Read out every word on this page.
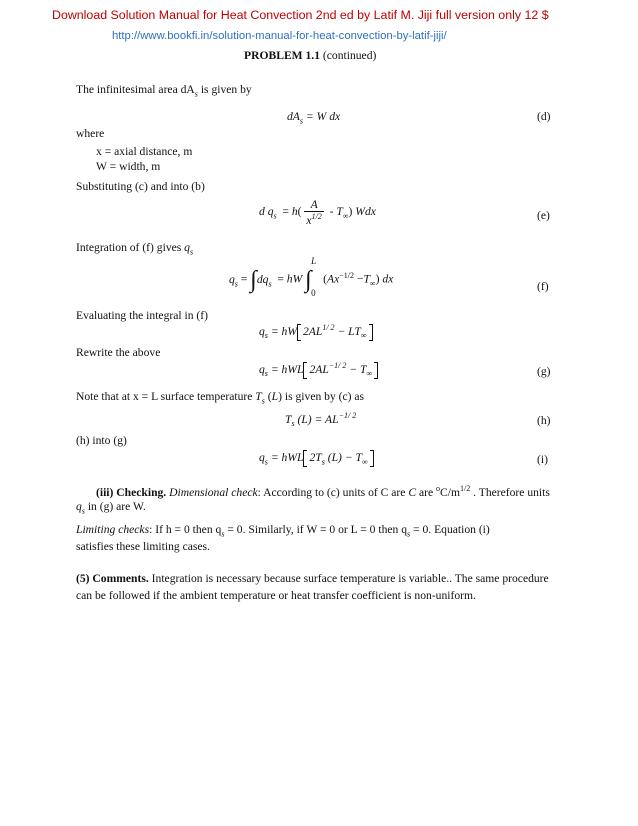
Download Solution Manual for Heat Convection 2nd ed by Latif M. Jiji full version only 12 $
http://www.bookfi.in/solution-manual-for-heat-convection-by-latif-jiji/
PROBLEM 1.1 (continued)
The infinitesimal area $dA_s$ is given by
$dA_s = W$ dx	(d)
where
x = axial distance, m
W = width, m
Substituting (c) and into (b)
d $q_s = h( \frac{A}{x^{1/2}} - T_\infty)$ Wdx	(e)
Integration of (f) gives $q_s$
$q_s = \int dq_s$  = hW
L
∫ 0
$(Ax^{-1/2} -T_\infty)$ dx
(f)
Evaluating the integral in (f)
$q_s$ = hW $2AL^{1/ 2} - LT_\infty$
Rewrite the above
$q_s$ = hWL $2AL^{-1/ 2} - T_\infty$	(g)
Note that at x = L surface temperature $T_s$ (L) is given by (c) as
$T_s$ $(L) = AL^{-1/ 2}$	(h)
(h) into (g)
$q_s$ = hWL $2T_s$ $(L) - T_\infty$	(i)
(iii) Checking. Dimensional check: According to (c) units of C are C are $^oC/m^{1/2}$ . Therefore units
$q_s$ in (g) are W.
Limiting checks: If h = 0 then $q_s = 0$. Similarly, if W = 0 or L = 0 then $q_s = 0$. Equation (i)
satisfies these limiting cases.
(5) Comments. Integration is necessary because surface temperature is variable.. The same procedure can be followed if the ambient temperature or heat transfer coefficient is non-uniform.
